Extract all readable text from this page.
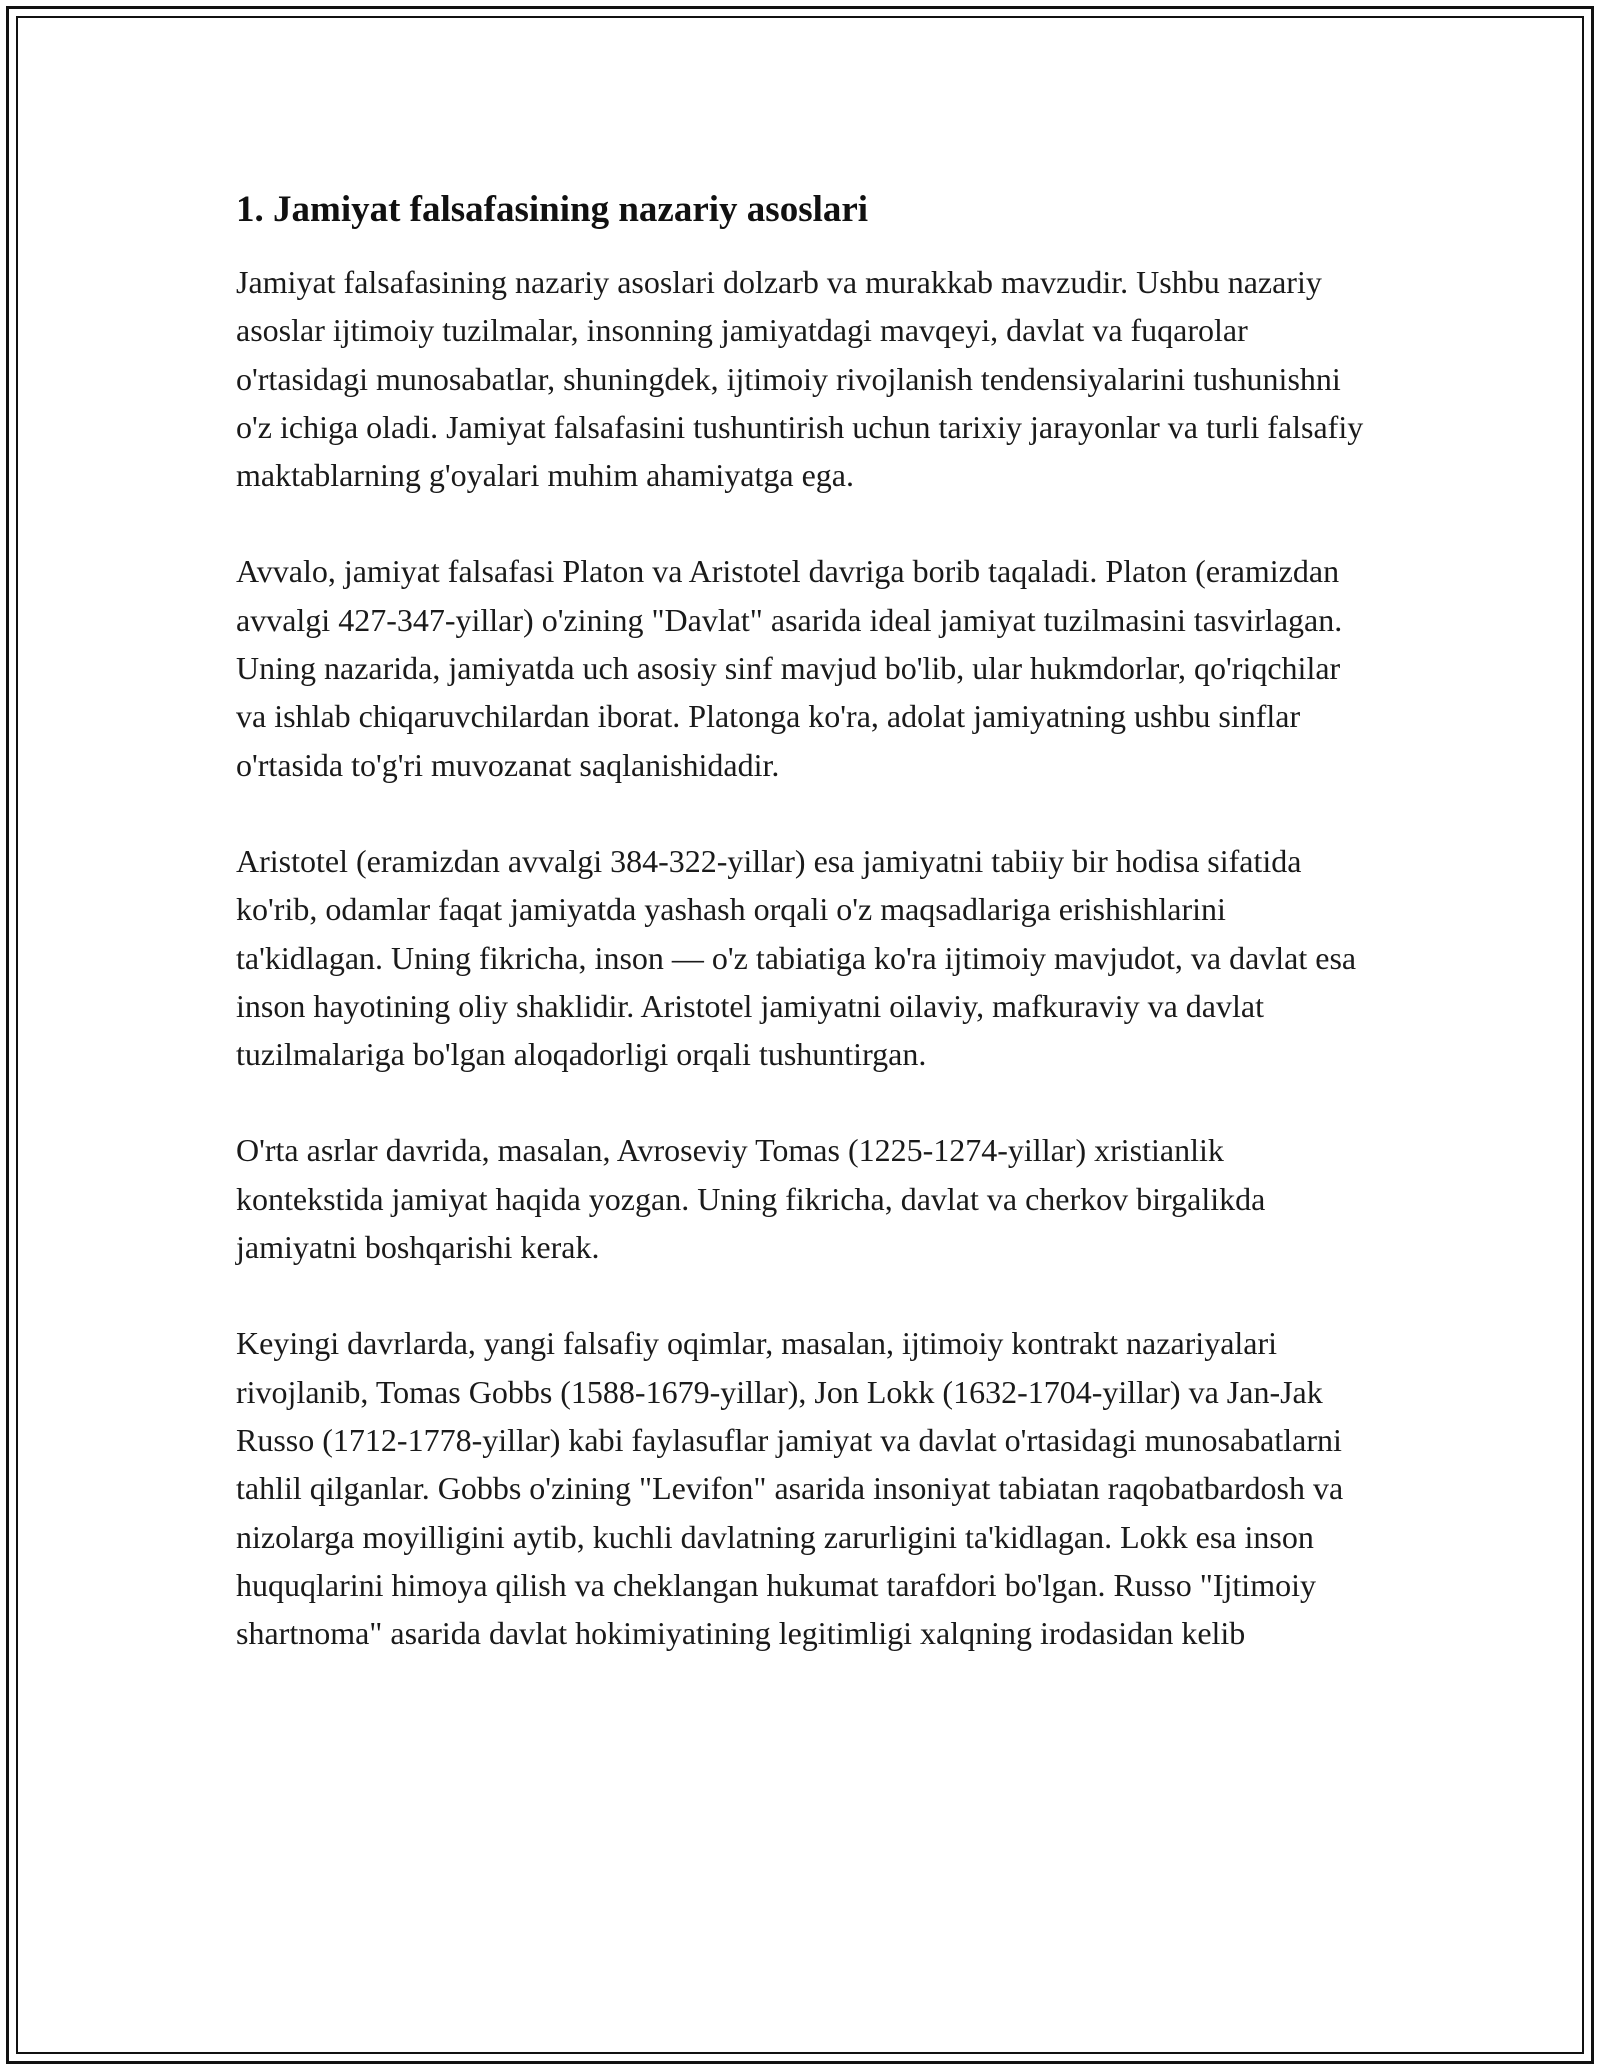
1. Jamiyat falsafasining nazariy asoslari

Jamiyat falsafasining nazariy asoslari dolzarb va murakkab mavzudir. Ushbu nazariy asoslar ijtimoiy tuzilmalar, insonning jamiyatdagi mavqeyi, davlat va fuqarolar o'rtasidagi munosabatlar, shuningdek, ijtimoiy rivojlanish tendensiyalarini tushunishni o'z ichiga oladi. Jamiyat falsafasini tushuntirish uchun tarixiy jarayonlar va turli falsafiy maktablarning g'oyalari muhim ahamiyatga ega.

Avvalo, jamiyat falsafasi Platon va Aristotel davriga borib taqaladi. Platon (eramizdan avvalgi 427-347-yillar) o'zining "Davlat" asarida ideal jamiyat tuzilmasini tasvirlagan. Uning nazarida, jamiyatda uch asosiy sinf mavjud bo'lib, ular hukmdorlar, qo'riqchilar va ishlab chiqaruvchilardan iborat. Platonga ko'ra, adolat jamiyatning ushbu sinflar o'rtasida to'g'ri muvozanat saqlanishidadir.

Aristotel (eramizdan avvalgi 384-322-yillar) esa jamiyatni tabiiy bir hodisa sifatida ko'rib, odamlar faqat jamiyatda yashash orqali o'z maqsadlariga erishishlarini ta'kidlagan. Uning fikricha, inson — o'z tabiatiga ko'ra ijtimoiy mavjudot, va davlat esa inson hayotining oliy shaklidir. Aristotel jamiyatni oilaviy, mafkuraviy va davlat tuzilmalariga bo'lgan aloqadorligi orqali tushuntirgan.

O'rta asrlar davrida, masalan, Avroseviy Tomas (1225-1274-yillar) xristianlik kontekstida jamiyat haqida yozgan. Uning fikricha, davlat va cherkov birgalikda jamiyatni boshqarishi kerak.

Keyingi davrlarda, yangi falsafiy oqimlar, masalan, ijtimoiy kontrakt nazariyalari rivojlanib, Tomas Gobbs (1588-1679-yillar), Jon Lokk (1632-1704-yillar) va Jan-Jak Russo (1712-1778-yillar) kabi faylasuflar jamiyat va davlat o'rtasidagi munosabatlarni tahlil qilganlar. Gobbs o'zining "Levifon" asarida insoniyat tabiatan raqobatbardosh va nizolarga moyilligini aytib, kuchli davlatning zarurligini ta'kidlagan. Lokk esa inson huquqlarini himoya qilish va cheklangan hukumat tarafdori bo'lgan. Russo "Ijtimoiy shartnoma" asarida davlat hokimiyatining legitimligi xalqning irodasidan kelib
